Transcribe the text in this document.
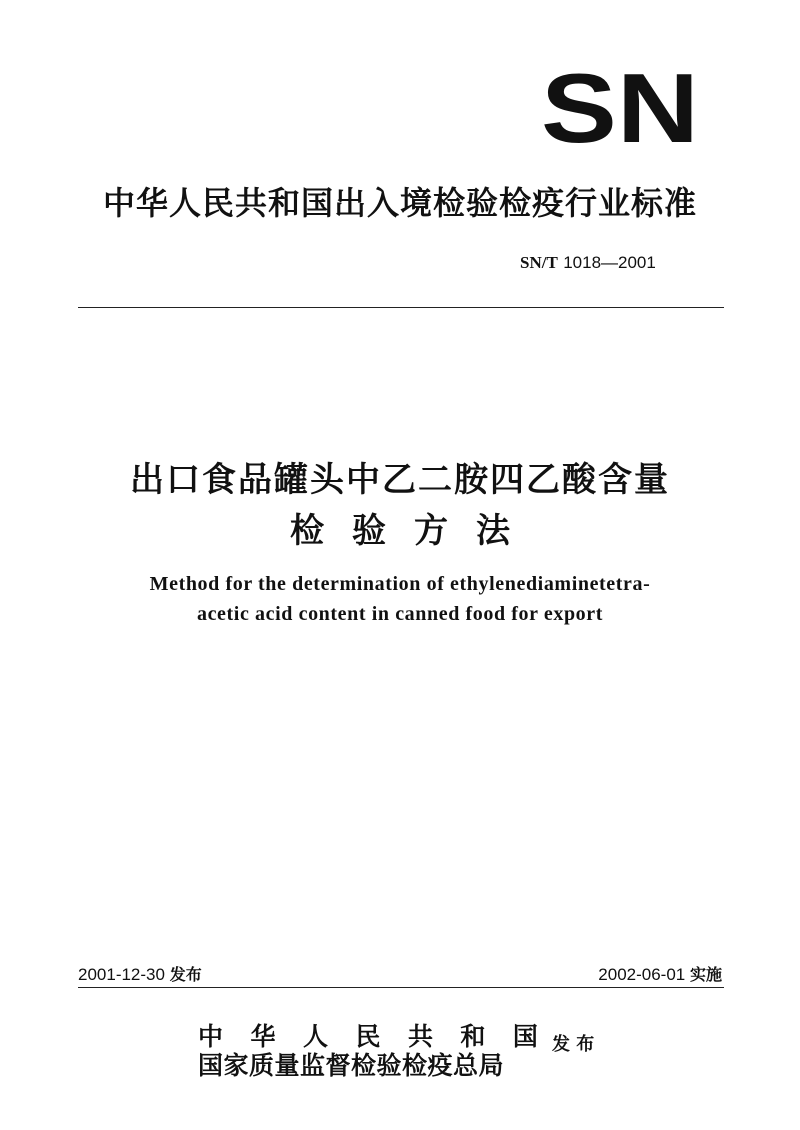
SN
中华人民共和国出入境检验检疫行业标准
SN/T 1018—2001
出口食品罐头中乙二胺四乙酸含量
检 验 方 法
Method for the determination of ethylenediaminetetra-
acetic acid content in canned food for export
2001-12-30 发布	2002-06-01 实施
中 华 人 民 共 和 国
国家质量监督检验检疫总局
发 布
